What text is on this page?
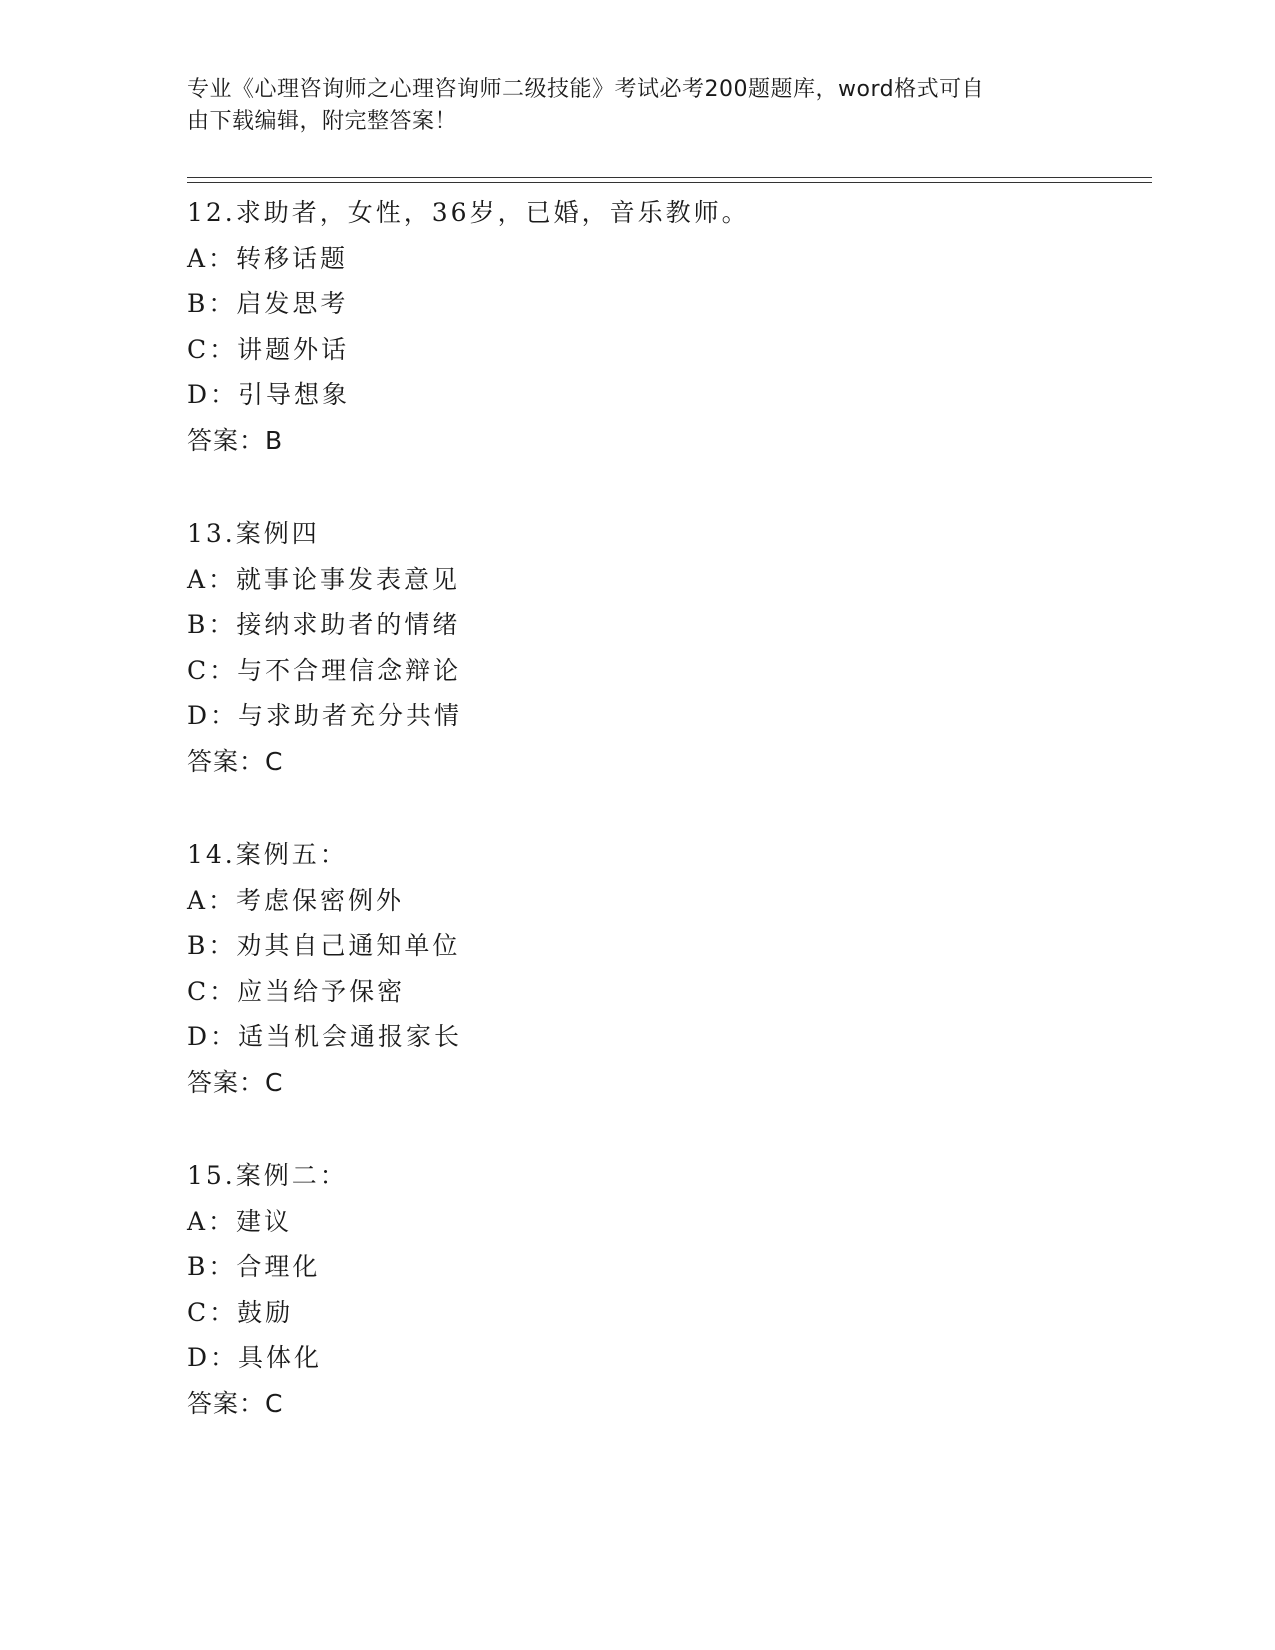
专业《心理咨询师之心理咨询师二级技能》考试必考200题题库，word格式可自
由下载编辑，附完整答案！
12.求助者，女性，36岁，已婚，音乐教师。
A：转移话题
B：启发思考
C：讲题外话
D：引导想象
答案：B
13.案例四
A：就事论事发表意见
B：接纳求助者的情绪
C：与不合理信念辩论
D：与求助者充分共情
答案：C
14.案例五：
A：考虑保密例外
B：劝其自己通知单位
C：应当给予保密
D：适当机会通报家长
答案：C
15.案例二：
A：建议
B：合理化
C：鼓励
D：具体化
答案：C
